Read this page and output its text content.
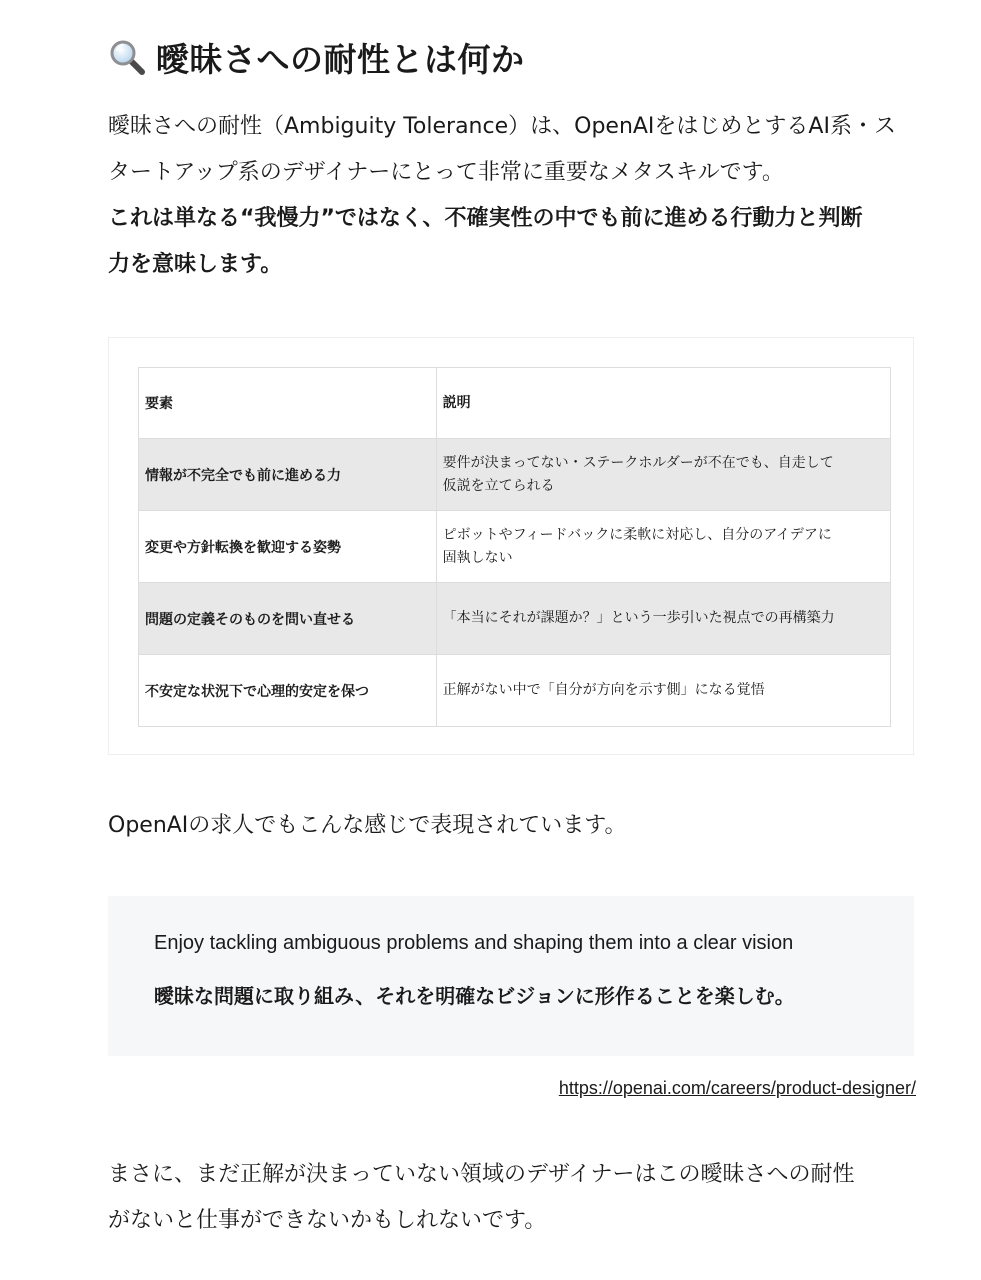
曖昧さへの耐性とは何か

曖昧さへの耐性（Ambiguity Tolerance）は、OpenAIをはじめとするAI系・ス
タートアップ系のデザイナーにとって非常に重要なメタスキルです。
これは単なる“我慢力”ではなく、不確実性の中でも前に進める行動力と判断
力を意味します。

要素	説明
情報が不完全でも前に進める力	要件が決まってない・ステークホルダーが不在でも、自走して
仮説を立てられる
変更や方針転換を歓迎する姿勢	ピボットやフィードバックに柔軟に対応し、自分のアイデアに
固執しない
問題の定義そのものを問い直せる	「本当にそれが課題か？」という一歩引いた視点での再構築力
不安定な状況下で心理的安定を保つ	正解がない中で「自分が方向を示す側」になる覚悟

OpenAIの求人でもこんな感じで表現されています。

Enjoy tackling ambiguous problems and shaping them into a clear vision
曖昧な問題に取り組み、それを明確なビジョンに形作ることを楽しむ。
https://openai.com/careers/product-designer/

まさに、まだ正解が決まっていない領域のデザイナーはこの曖昧さへの耐性
がないと仕事ができないかもしれないです。
